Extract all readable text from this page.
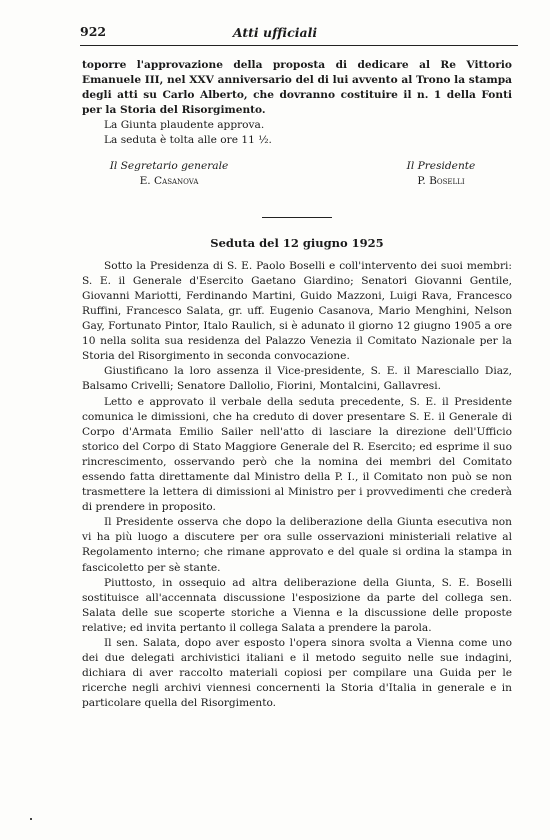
922	Atti ufficiali

toporre l'approvazione della proposta di dedicare al Re Vittorio Emanuele III, nel XXV anniversario del di lui avvento al Trono la stampa degli atti su Carlo Alberto, che dovranno costituire il n. 1 della Fonti per la Storia del Risorgimento.

La Giunta plaudente approva.

La seduta è tolta alle ore 11 ½.

Il Segretario generale
E. Casanova
Il Presidente
P. Boselli
Seduta del 12 giugno 1925

Sotto la Presidenza di S. E. Paolo Boselli e coll'intervento dei suoi membri: S. E. il Generale d'Esercito Gaetano Giardino; Senatori Giovanni Gentile, Giovanni Mariotti, Ferdinando Martini, Guido Mazzoni, Luigi Rava, Francesco Ruffini, Francesco Salata, gr. uff. Eugenio Casanova, Mario Menghini, Nelson Gay, Fortunato Pintor, Italo Raulich, si è adunato il giorno 12 giugno 1905 a ore 10 nella solita sua residenza del Palazzo Venezia il Comitato Nazionale per la Storia del Risorgimento in seconda convocazione.

Giustificano la loro assenza il Vice-presidente, S. E. il Maresciallo Diaz, Balsamo Crivelli; Senatore Dallolio, Fiorini, Montalcini, Gallavresi.

Letto e approvato il verbale della seduta precedente, S. E. il Presidente comunica le dimissioni, che ha creduto di dover presentare S. E. il Generale di Corpo d'Armata Emilio Sailer nell'atto di lasciare la direzione dell'Ufficio storico del Corpo di Stato Maggiore Generale del R. Esercito; ed esprime il suo rincrescimento, osservando però che la nomina dei membri del Comitato essendo fatta direttamente dal Ministro della P. I., il Comitato non può se non trasmettere la lettera di dimissioni al Ministro per i provvedimenti che crederà di prendere in proposito.

Il Presidente osserva che dopo la deliberazione della Giunta esecutiva non vi ha più luogo a discutere per ora sulle osservazioni ministeriali relative al Regolamento interno; che rimane approvato e del quale si ordina la stampa in fascicoletto per sè stante.

Piuttosto, in ossequio ad altra deliberazione della Giunta, S. E. Boselli sostituisce all'accennata discussione l'esposizione da parte del collega sen. Salata delle sue scoperte storiche a Vienna e la discussione delle proposte relative; ed invita pertanto il collega Salata a prendere la parola.

Il sen. Salata, dopo aver esposto l'opera sinora svolta a Vienna come uno dei due delegati archivistici italiani e il metodo seguito nelle sue indagini, dichiara di aver raccolto materiali copiosi per compilare una Guida per le ricerche negli archivi viennesi concernenti la Storia d'Italia in generale e in particolare quella del Risorgimento.
